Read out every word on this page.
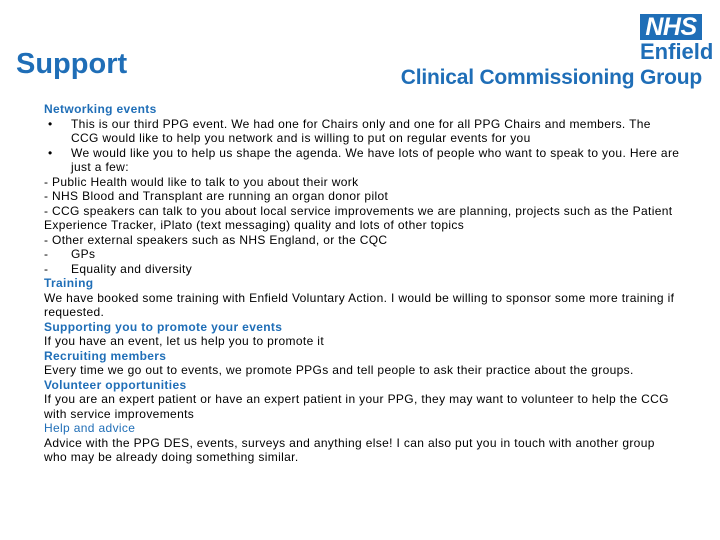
Support
NHS
Enfield
Clinical Commissioning Group

Networking events

•	This is our third PPG event. We had one for Chairs only and one for all PPG Chairs and members. The CCG would like to help you network and is willing to put on regular events for you
•	We would like you to help us shape the agenda. We have lots of people who want to speak to you. Here are just a few:

- Public Health would like to talk to you about their work

- NHS Blood and Transplant are running an organ donor pilot

- CCG speakers can talk to you about local service improvements we are planning, projects such as the Patient Experience Tracker, iPlato (text messaging) quality and lots of other topics

- Other external speakers such as NHS England, or the CQC

-	GPs
-	Equality and diversity

Training

We have booked some training with Enfield Voluntary Action. I would be willing to sponsor some more training if requested.

Supporting you to promote your events

If you have an event, let us help you to promote it

Recruiting members

Every time we go out to events, we promote PPGs and tell people to ask their practice about the groups.

Volunteer opportunities

If you are an expert patient or have an expert patient in your PPG, they may want to volunteer to help the CCG with service improvements

Help and advice

Advice with the PPG DES, events, surveys and anything else! I can also put you in touch with another group who may be already doing something similar.
